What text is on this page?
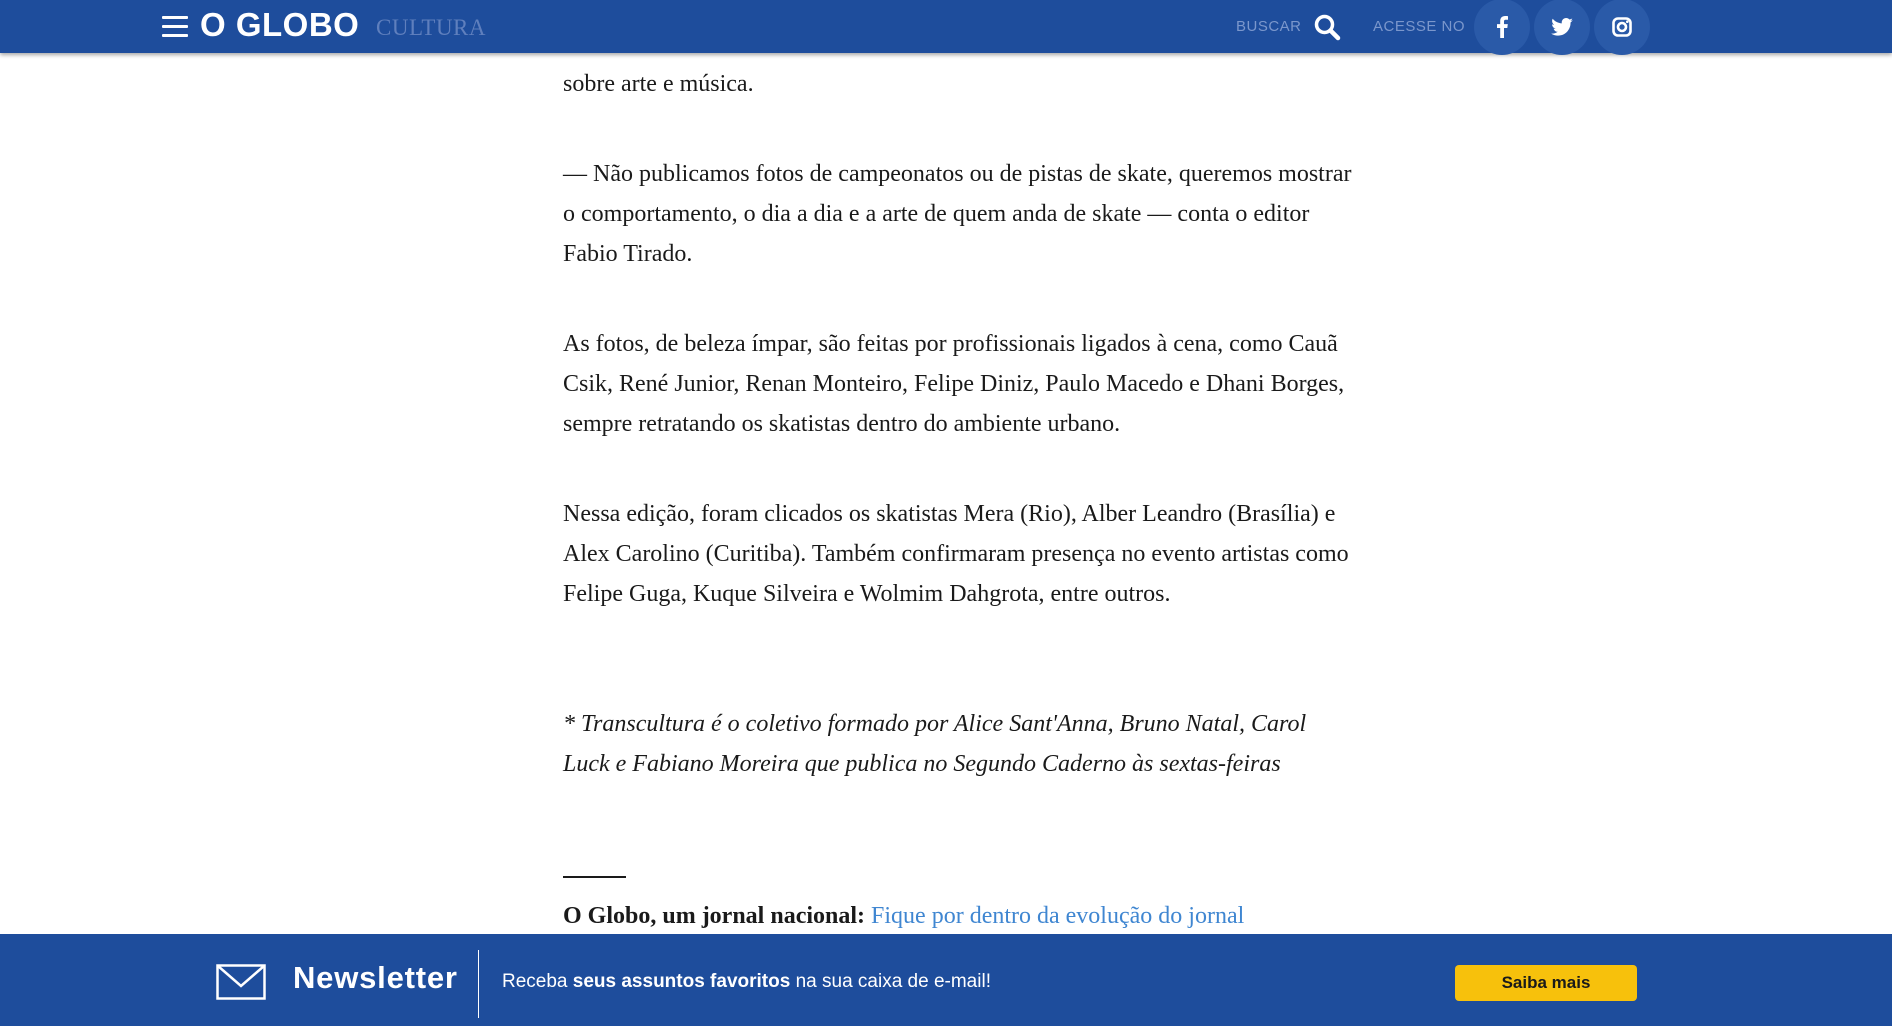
sobre arte e música.

— Não publicamos fotos de campeonatos ou de pistas de skate, queremos mostrar o comportamento, o dia a dia e a arte de quem anda de skate — conta o editor Fabio Tirado.

As fotos, de beleza ímpar, são feitas por profissionais ligados à cena, como Cauã Csik, René Junior, Renan Monteiro, Felipe Diniz, Paulo Macedo e Dhani Borges, sempre retratando os skatistas dentro do ambiente urbano.

Nessa edição, foram clicados os skatistas Mera (Rio), Alber Leandro (Brasília) e Alex Carolino (Curitiba). Também confirmaram presença no evento artistas como Felipe Guga, Kuque Silveira e Wolmim Dahgrota, entre outros.

* Transcultura é o coletivo formado por Alice Sant'Anna, Bruno Natal, Carol Luck e Fabiano Moreira que publica no Segundo Caderno às sextas-feiras

O Globo, um jornal nacional: Fique por dentro da evolução do jornal

O GLOBO CULTURA	BUSCAR	ACESSE NO
Newsletter Receba seus assuntos favoritos na sua caixa de e-mail!	Saiba mais
